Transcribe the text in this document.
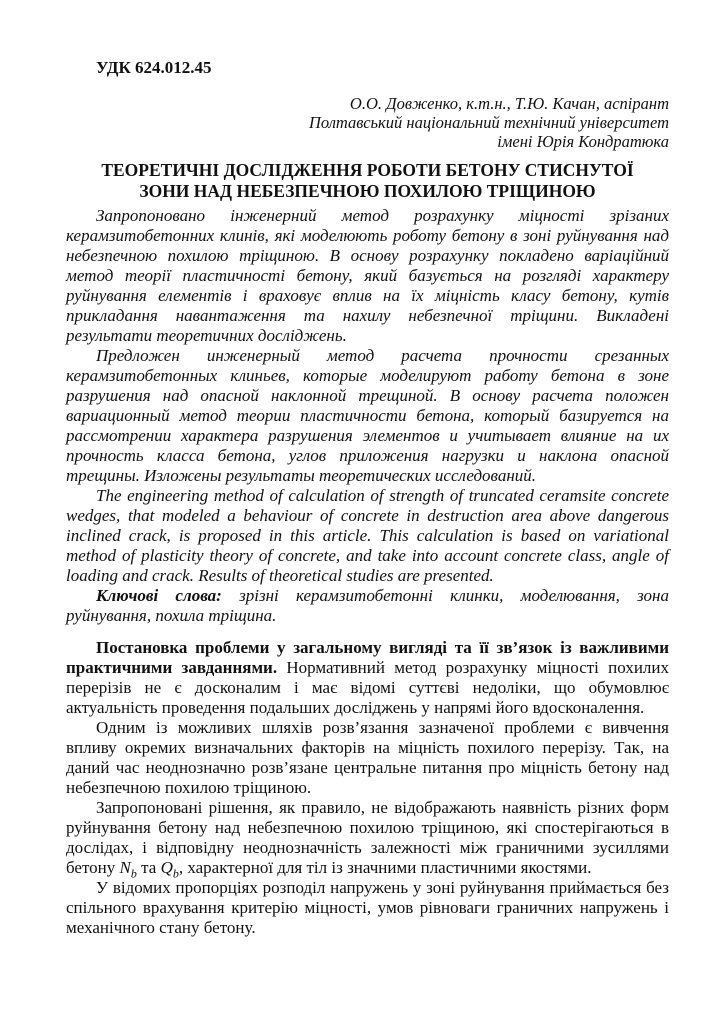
УДК 624.012.45
О.О. Довженко, к.т.н., Т.Ю. Качан, аспірант
Полтавський національний технічний університет
імені Юрія Кондратюка
ТЕОРЕТИЧНІ ДОСЛІДЖЕННЯ РОБОТИ БЕТОНУ СТИСНУТОЇ
ЗОНИ НАД НЕБЕЗПЕЧНОЮ ПОХИЛОЮ ТРІЩИНОЮ

Запропоновано інженерний метод розрахунку міцності зрізаних керамзитобетонних клинів, які моделюють роботу бетону в зоні руйнування над небезпечною похилою тріщиною. В основу розрахунку покладено варіаційний метод теорії пластичності бетону, який базується на розгляді характеру руйнування елементів і враховує вплив на їх міцність класу бетону, кутів прикладання навантаження та нахилу небезпечної тріщини. Викладені результати теоретичних досліджень.

Предложен инженерный метод расчета прочности срезанных керамзитобетонных клиньев, которые моделируют работу бетона в зоне разрушения над опасной наклонной трещиной. В основу расчета положен вариационный метод теории пластичности бетона, который базируется на рассмотрении характера разрушения элементов и учитывает влияние на их прочность класса бетона, углов приложения нагрузки и наклона опасной трещины. Изложены результаты теоретических исследований.

The engineering method of calculation of strength of truncated ceramsite concrete wedges, that modeled a behaviour of concrete in destruction area above dangerous inclined crack, is proposed in this article. This calculation is based on variational method of plasticity theory of concrete, and take into account concrete class, angle of loading and crack. Results of theoretical studies are presented.

Ключові слова: зрізні керамзитобетонні клинки, моделювання, зона руйнування, похила тріщина.

Постановка проблеми у загальному вигляді та її зв’язок із важливими практичними завданнями. Нормативний метод розрахунку міцності похилих перерізів не є досконалим і має відомі суттєві недоліки, що обумовлює актуальність проведення подальших досліджень у напрямі його вдосконалення.

Одним із можливих шляхів розв’язання зазначеної проблеми є вивчення впливу окремих визначальних факторів на міцність похилого перерізу. Так, на даний час неоднозначно розв’язане центральне питання про міцність бетону над небезпечною похилою тріщиною.

Запропоновані рішення, як правило, не відображають наявність різних форм руйнування бетону над небезпечною похилою тріщиною, які спостерігаються в дослідах, і відповідну неоднозначність залежності між граничними зусиллями бетону $N_b$ та $Q_b$, характерної для тіл із значними пластичними якостями.

У відомих пропорціях розподіл напружень у зоні руйнування приймається без спільного врахування критерію міцності, умов рівноваги граничних напружень і механічного стану бетону.
